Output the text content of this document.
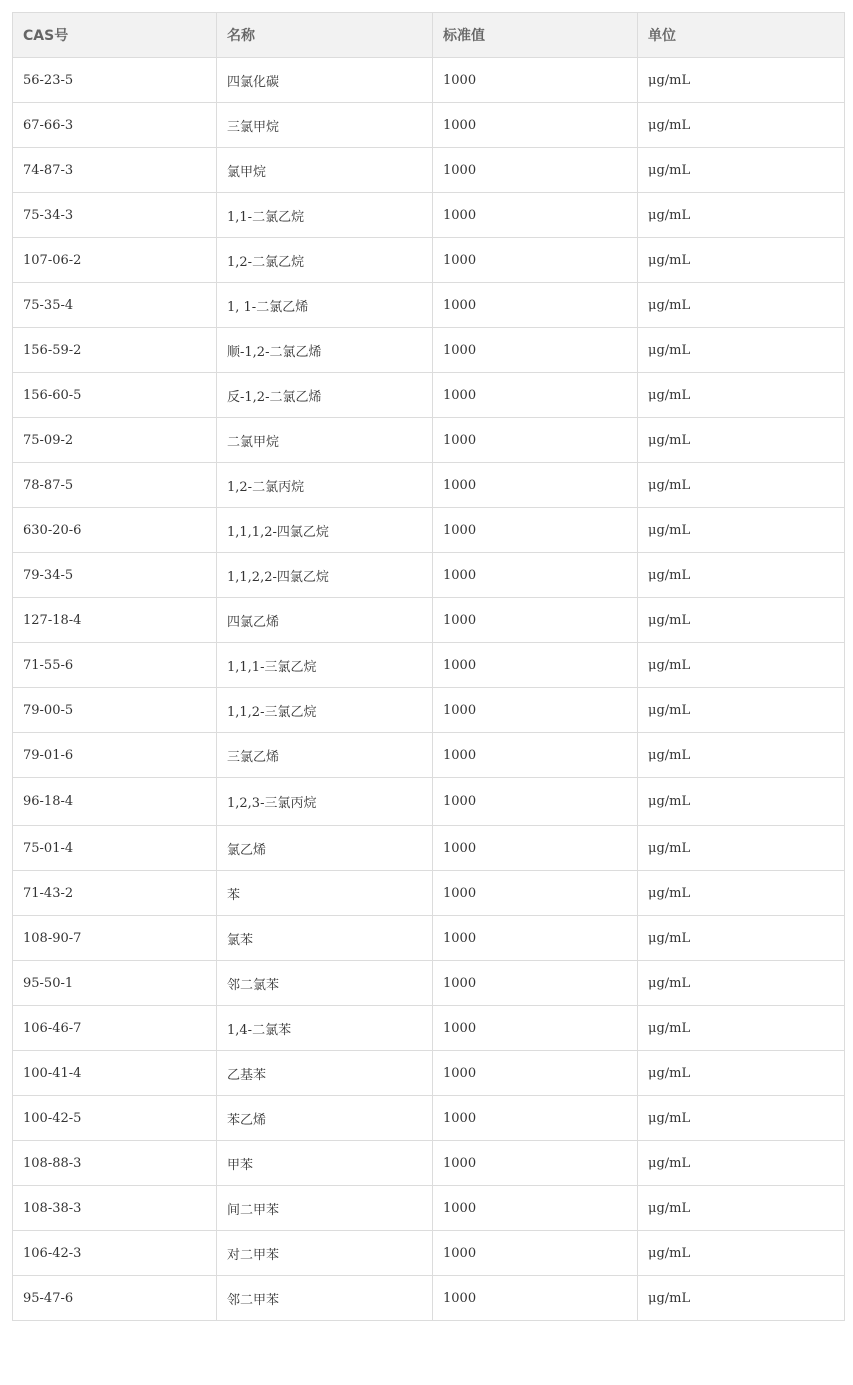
CAS号	名称	标准值	单位
56-23-5	四氯化碳	1000	μg/mL
67-66-3	三氯甲烷	1000	μg/mL
74-87-3	氯甲烷	1000	μg/mL
75-34-3	1,1-二氯乙烷	1000	μg/mL
107-06-2	1,2-二氯乙烷	1000	μg/mL
75-35-4	1, 1-二氯乙烯	1000	μg/mL
156-59-2	顺-1,2-二氯乙烯	1000	μg/mL
156-60-5	反-1,2-二氯乙烯	1000	μg/mL
75-09-2	二氯甲烷	1000	μg/mL
78-87-5	1,2-二氯丙烷	1000	μg/mL
630-20-6	1,1,1,2-四氯乙烷	1000	μg/mL
79-34-5	1,1,2,2-四氯乙烷	1000	μg/mL
127-18-4	四氯乙烯	1000	μg/mL
71-55-6	1,1,1-三氯乙烷	1000	μg/mL
79-00-5	1,1,2-三氯乙烷	1000	μg/mL
79-01-6	三氯乙烯	1000	μg/mL
96-18-4	1,2,3-三氯丙烷	1000	μg/mL
75-01-4	氯乙烯	1000	μg/mL
71-43-2	苯	1000	μg/mL
108-90-7	氯苯	1000	μg/mL
95-50-1	邻二氯苯	1000	μg/mL
106-46-7	1,4-二氯苯	1000	μg/mL
100-41-4	乙基苯	1000	μg/mL
100-42-5	苯乙烯	1000	μg/mL
108-88-3	甲苯	1000	μg/mL
108-38-3	间二甲苯	1000	μg/mL
106-42-3	对二甲苯	1000	μg/mL
95-47-6	邻二甲苯	1000	μg/mL
